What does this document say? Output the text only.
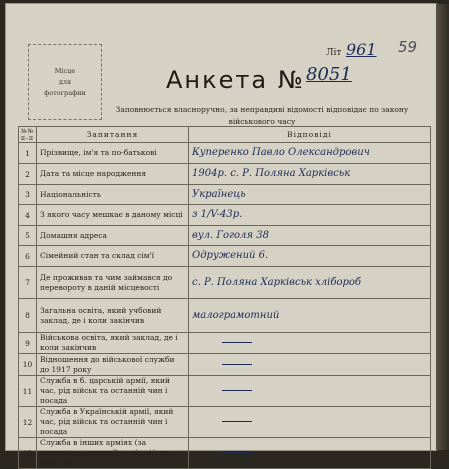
Місце
для
фотографии
Літ 961 59
Анкета № 8051
Заповнюється власноручно, за неправдиві відомості відповідає по закону військового часу
№№ п-п	Запитання	Відповіді
1	Прізвище, ім'я та по-батькові	Куперенко Павло Олександрович
2	Дата та місце народження	1904р. с. Р. Поляна Харківськ
3	Національність	Українець
4	З якого часу мешкає в даному місці	з 1/V-43р.
5	Домашня адреса	вул. Гоголя 38
6	Сімейний стан та склад сім'ї	Одружений 6.
7	Де проживав та чим займався до перевороту в даній місцевості	с. Р. Поляна Харківськ хлібороб
8	Загальна освіта, який учбовий заклад, де і коли закінчив	малограмотний
9	Військова освіта, який заклад, де і коли закінчив	
10	Відношення до військової служби до 1917 року	
11	Служба в б. царській армії, який час, рід військ та останній чин і посада	
12	Служба в Українській армії, який час, рід військ та останній чин і посада	
13	Служба в інших арміях (за винятком червоної) — рід військ, який час,	
